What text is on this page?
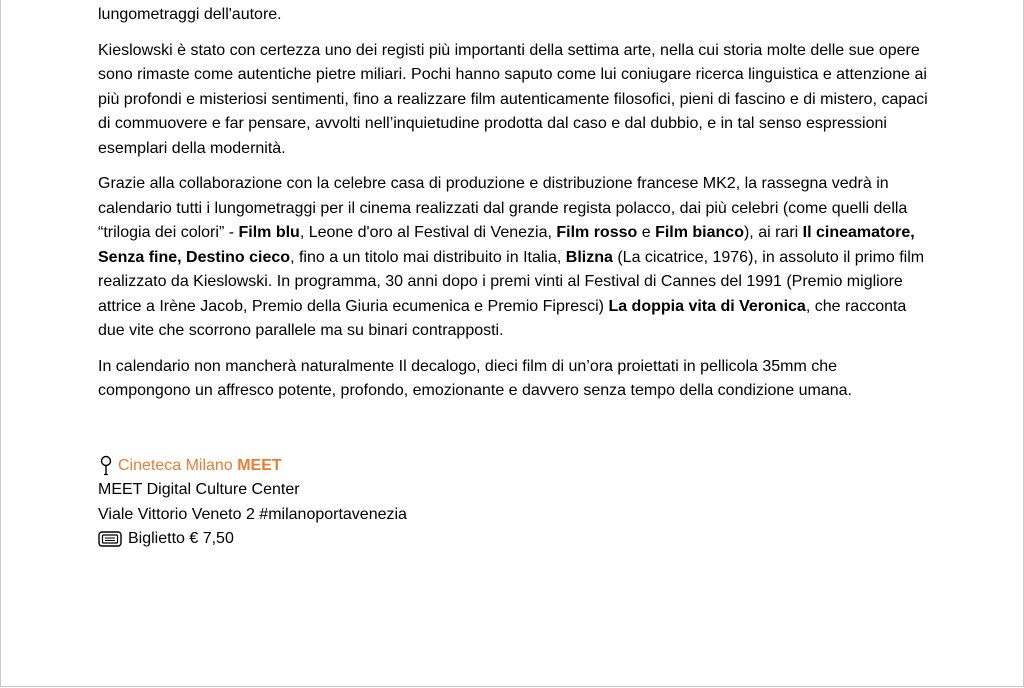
lungometraggi dell'autore.

Kieslowski è stato con certezza uno dei registi più importanti della settima arte, nella cui storia molte delle sue opere sono rimaste come autentiche pietre miliari. Pochi hanno saputo come lui coniugare ricerca linguistica e attenzione ai più profondi e misteriosi sentimenti, fino a realizzare film autenticamente filosofici, pieni di fascino e di mistero, capaci di commuovere e far pensare, avvolti nell’inquietudine prodotta dal caso e dal dubbio, e in tal senso espressioni esemplari della modernità.

Grazie alla collaborazione con la celebre casa di produzione e distribuzione francese MK2, la rassegna vedrà in calendario tutti i lungometraggi per il cinema realizzati dal grande regista polacco, dai più celebri (come quelli della “trilogia dei colori” - Film blu, Leone d'oro al Festival di Venezia, Film rosso e Film bianco), ai rari Il cineamatore, Senza fine, Destino cieco, fino a un titolo mai distribuito in Italia, Blizna (La cicatrice, 1976), in assoluto il primo film realizzato da Kieslowski. In programma, 30 anni dopo i premi vinti al Festival di Cannes del 1991 (Premio migliore attrice a Irène Jacob, Premio della Giuria ecumenica e Premio Fipresci) La doppia vita di Veronica, che racconta due vite che scorrono parallele ma su binari contrapposti.

In calendario non mancherà naturalmente Il decalogo, dieci film di un’ora proiettati in pellicola 35mm che compongono un affresco potente, profondo, emozionante e davvero senza tempo della condizione umana.

Cineteca Milano
MEET
MEET Digital Culture Center
Viale Vittorio Veneto 2 #milanoportavenezia
Biglietto € 7,50
